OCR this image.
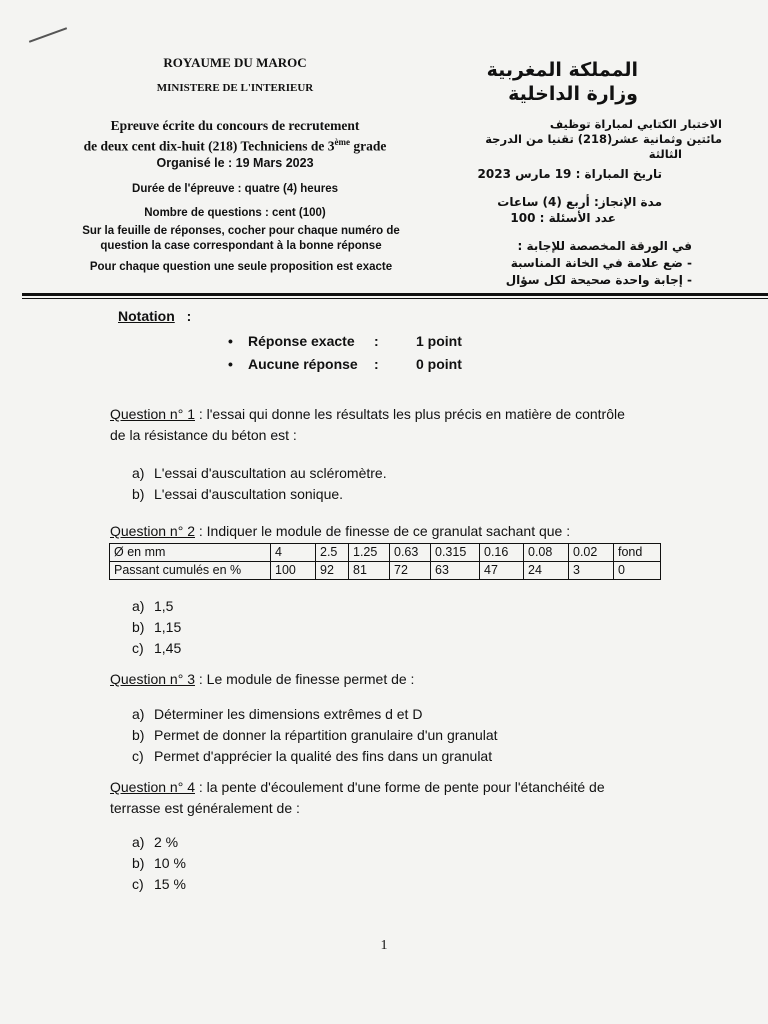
ROYAUME DU MAROC
MINISTERE DE L'INTERIEUR
Epreuve écrite du concours de recrutement
de deux cent dix-huit (218) Techniciens de 3ème grade
Organisé le : 19 Mars 2023
Durée de l'épreuve : quatre (4) heures
Nombre de questions : cent (100)
Sur la feuille de réponses, cocher pour chaque numéro de
question la case correspondant à la bonne réponse
Pour chaque question une seule proposition est exacte
المملكة المغربية
وزارة الداخلية
الاختبار الكتابي لمباراة توظيف
مائتين وثمانية عشر(218) تقنيا من الدرجة
الثالثة
تاريخ المباراة : 19 مارس 2023
مدة الإنجاز: أربع (4) ساعات
عدد الأسئلة : 100
في الورقة المخصصة للإجابة :
- ضع علامة في الخانة المناسبة
- إجابة واحدة صحيحة لكل سؤال
Notation :
• Réponse exacte :	1 point
• Aucune réponse :	0 point
Question n° 1 : l'essai qui donne les résultats les plus précis en matière de contrôle
de la résistance du béton est :
a) L'essai d'auscultation au scléromètre.
b) L'essai d'auscultation sonique.
Question n° 2 : Indiquer le module de finesse de ce granulat sachant que :
Ø en mm	4	2.5	1.25	0.63	0.315	0.16	0.08	0.02	fond
Passant cumulés en %	100	92	81	72	63	47	24	3	0
a) 1,5
b) 1,15
c) 1,45
Question n° 3 : Le module de finesse permet de :
a) Déterminer les dimensions extrêmes d et D
b) Permet de donner la répartition granulaire d'un granulat
c) Permet d'apprécier la qualité des fins dans un granulat
Question n° 4 : la pente d'écoulement d'une forme de pente pour l'étanchéité de
terrasse est généralement de :
a) 2 %
b) 10 %
c) 15 %
1
